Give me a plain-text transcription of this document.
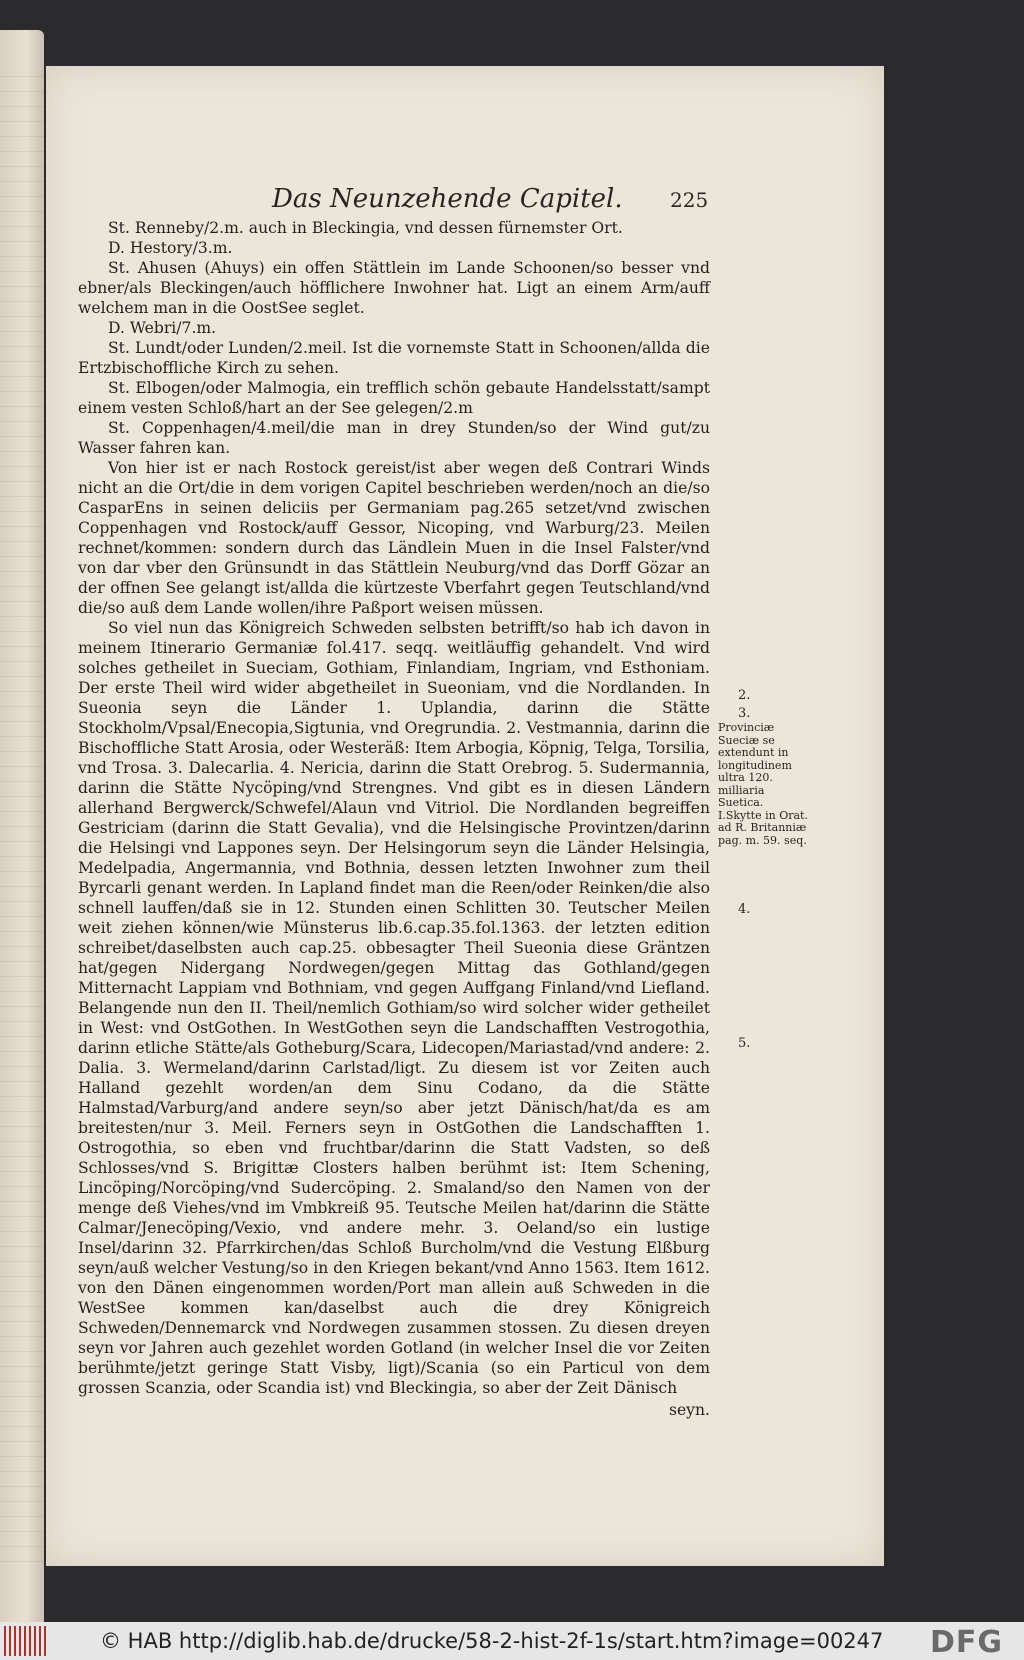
Das Neunzehende Capitel. 225

St. Renneby/2.m. auch in Bleckingia, vnd dessen fürnemster Ort.

D. Hestory/3.m.

St. Ahusen (Ahuys) ein offen Stättlein im Lande Schoonen/so besser vnd ebner/als Bleckingen/auch höfflichere Inwohner hat. Ligt an einem Arm/auff welchem man in die OostSee seglet.

D. Webri/7.m.

St. Lundt/oder Lunden/2.meil. Ist die vornemste Statt in Schoonen/allda die Ertzbischoffliche Kirch zu sehen.

St. Elbogen/oder Malmogia, ein trefflich schön gebaute Handelsstatt/sampt einem vesten Schloß/hart an der See gelegen/2.m

St. Coppenhagen/4.meil/die man in drey Stunden/so der Wind gut/zu Wasser fahren kan.

Von hier ist er nach Rostock gereist/ist aber wegen deß Contrari Winds nicht an die Ort/die in dem vorigen Capitel beschrieben werden/noch an die/so CasparEns in seinen deliciis per Germaniam pag.265 setzet/vnd zwischen Coppenhagen vnd Rostock/auff Gessor, Nicoping, vnd Warburg/23. Meilen rechnet/kommen: sondern durch das Ländlein Muen in die Insel Falster/vnd von dar vber den Grünsundt in das Stättlein Neuburg/vnd das Dorff Gözar an der offnen See gelangt ist/allda die kürtzeste Vberfahrt gegen Teutschland/vnd die/so auß dem Lande wollen/ihre Paßport weisen müssen.

So viel nun das Königreich Schweden selbsten betrifft/so hab ich davon in meinem Itinerario Germaniæ fol.417. seqq. weitläuffig gehandelt. Vnd wird solches getheilet in Sueciam, Gothiam, Finlandiam, Ingriam, vnd Esthoniam. Der erste Theil wird wider abgetheilet in Sueoniam, vnd die Nordlanden. In Sueonia seyn die Länder 1. Uplandia, darinn die Stätte Stockholm/Vpsal/Enecopia,Sigtunia, vnd Oregrundia. 2. Vestmannia, darinn die Bischoffliche Statt Arosia, oder Westeräß: Item Arbogia, Köpnig, Telga, Torsilia, vnd Trosa. 3. Dalecarlia. 4. Nericia, darinn die Statt Orebrog. 5. Sudermannia, darinn die Stätte Nycöping/vnd Strengnes. Vnd gibt es in diesen Ländern allerhand Bergwerck/Schwefel/Alaun vnd Vitriol. Die Nordlanden begreiffen Gestriciam (darinn die Statt Gevalia), vnd die Helsingische Provintzen/darinn die Helsingi vnd Lappones seyn. Der Helsingorum seyn die Länder Helsingia, Medelpadia, Angermannia, vnd Bothnia, dessen letzten Inwohner zum theil Byrcarli genant werden. In Lapland findet man die Reen/oder Reinken/die also schnell lauffen/daß sie in 12. Stunden einen Schlitten 30. Teutscher Meilen weit ziehen können/wie Münsterus lib.6.cap.35.fol.1363. der letzten edition schreibet/daselbsten auch cap.25. obbesagter Theil Sueonia diese Gräntzen hat/gegen Nidergang Nordwegen/gegen Mittag das Gothland/gegen Mitternacht Lappiam vnd Bothniam, vnd gegen Auffgang Finland/vnd Liefland. Belangende nun den II. Theil/nemlich Gothiam/so wird solcher wider getheilet in West: vnd OstGothen. In WestGothen seyn die Landschafften Vestrogothia, darinn etliche Stätte/als Gotheburg/Scara, Lidecopen/Mariastad/vnd andere: 2. Dalia. 3. Wermeland/darinn Carlstad/ligt. Zu diesem ist vor Zeiten auch Halland gezehlt worden/an dem Sinu Codano, da die Stätte Halmstad/Varburg/and andere seyn/so aber jetzt Dänisch/hat/da es am breitesten/nur 3. Meil. Ferners seyn in OstGothen die Landschafften 1. Ostrogothia, so eben vnd fruchtbar/darinn die Statt Vadsten, so deß Schlosses/vnd S. Brigittæ Closters halben berühmt ist: Item Schening, Lincöping/Norcöping/vnd Sudercöping. 2. Smaland/so den Namen von der menge deß Viehes/vnd im Vmbkreiß 95. Teutsche Meilen hat/darinn die Stätte Calmar/Jenecöping/Vexio, vnd andere mehr. 3. Oeland/so ein lustige Insel/darinn 32. Pfarrkirchen/das Schloß Burcholm/vnd die Vestung Elßburg seyn/auß welcher Vestung/so in den Kriegen bekant/vnd Anno 1563. Item 1612. von den Dänen eingenommen worden/Port man allein auß Schweden in die WestSee kommen kan/daselbst auch die drey Königreich Schweden/Dennemarck vnd Nordwegen zusammen stossen. Zu diesen dreyen seyn vor Jahren auch gezehlet worden Gotland (in welcher Insel die vor Zeiten berühmte/jetzt geringe Statt Visby, ligt)/Scania (so ein Particul von dem grossen Scanzia, oder Scandia ist) vnd Bleckingia, so aber der Zeit Dänisch

seyn.

2.
3.
Provinciæ Sueciæ se extendunt in longitudinem ultra 120. milliaria Suetica. I.Skytte in Orat. ad R. Britanniæ pag. m. 59. seq.
4.
5.
© HAB http://diglib.hab.de/drucke/58-2-hist-2f-1s/start.htm?image=00247 DFG
